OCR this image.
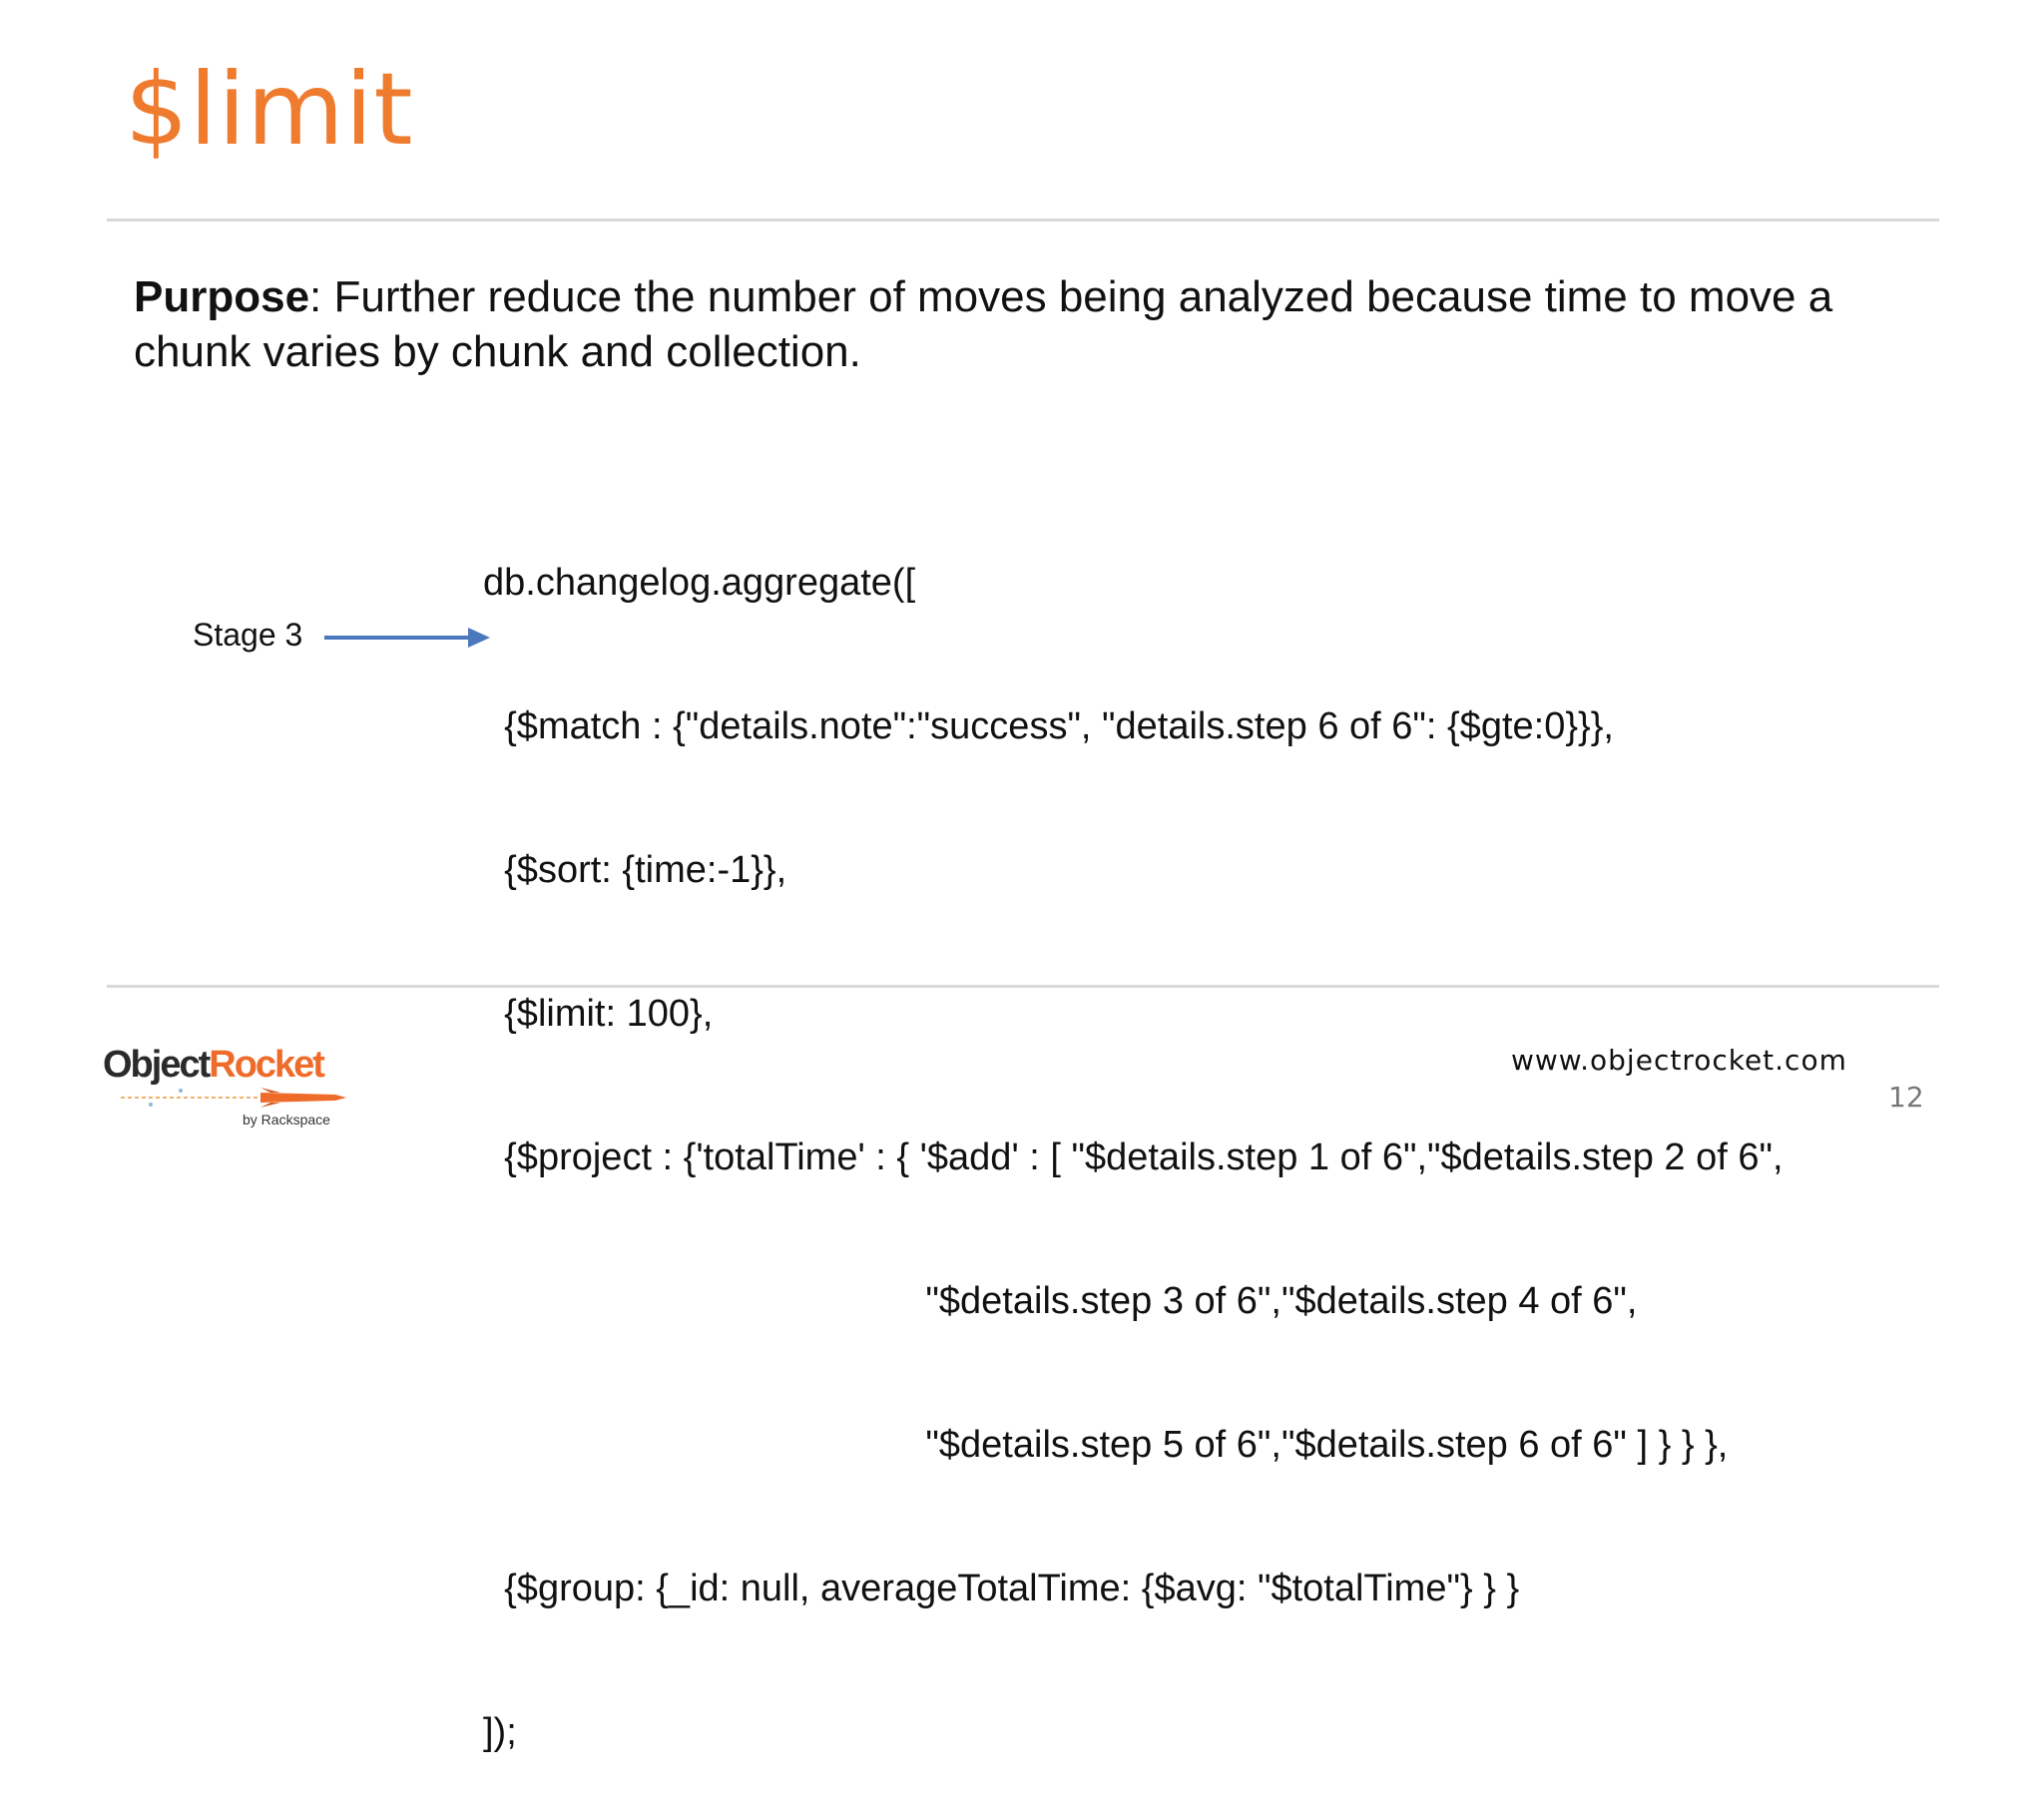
$limit
Purpose: Further reduce the number of moves being analyzed because time to move a chunk varies by chunk and collection.
Stage 3

db.changelog.aggregate([

{$match : {"details.note":"success", "details.step 6 of 6": {$gte:0}}},

{$sort: {time:-1}},

{$limit: 100},

{$project : {'totalTime' : { '$add' : [ "$details.step 1 of 6","$details.step 2 of 6",

"$details.step 3 of 6","$details.step 4 of 6",

"$details.step 5 of 6","$details.step 6 of 6" ] } } },

{$group: {_id: null, averageTotalTime: {$avg: "$totalTime"} } }

]);

ObjectRocket
by Rackspace
www.objectrocket.com
12
